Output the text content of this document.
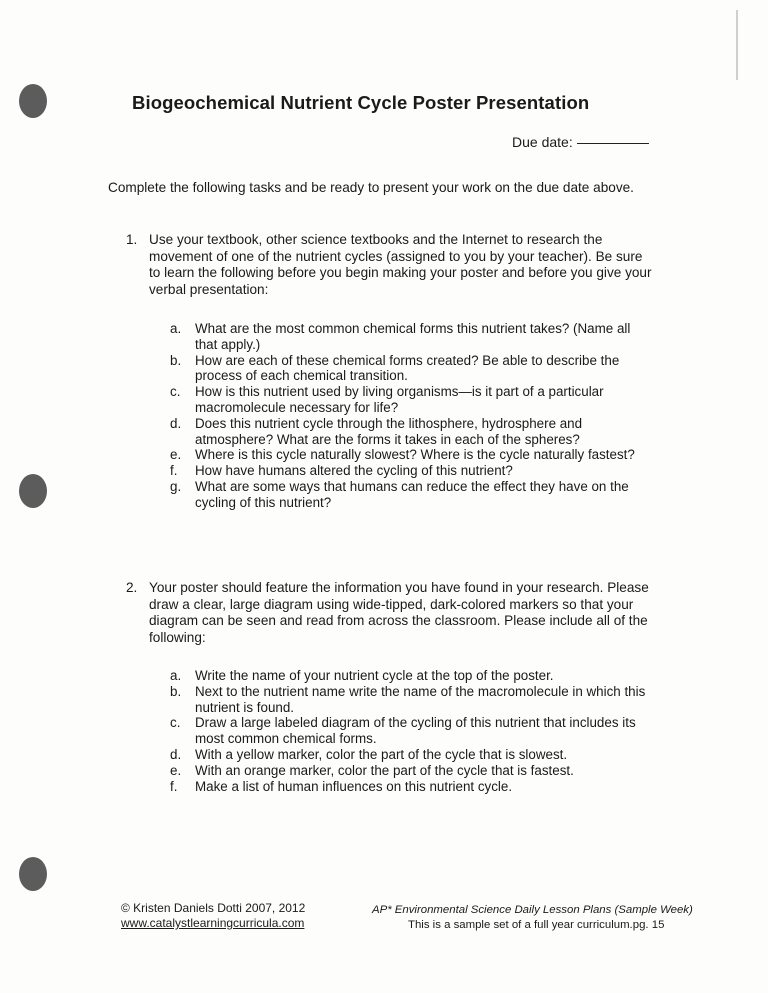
Biogeochemical Nutrient Cycle Poster Presentation
Due date:
Complete the following tasks and be ready to present your work on the due date above.
1. Use your textbook, other science textbooks and the Internet to research the movement of one of the nutrient cycles (assigned to you by your teacher). Be sure to learn the following before you begin making your poster and before you give your verbal presentation:
a. What are the most common chemical forms this nutrient takes? (Name all that apply.)
b. How are each of these chemical forms created? Be able to describe the process of each chemical transition.
c. How is this nutrient used by living organisms—is it part of a particular macromolecule necessary for life?
d. Does this nutrient cycle through the lithosphere, hydrosphere and atmosphere? What are the forms it takes in each of the spheres?
e. Where is this cycle naturally slowest? Where is the cycle naturally fastest?
f. How have humans altered the cycling of this nutrient?
g. What are some ways that humans can reduce the effect they have on the cycling of this nutrient?
2. Your poster should feature the information you have found in your research. Please draw a clear, large diagram using wide-tipped, dark-colored markers so that your diagram can be seen and read from across the classroom. Please include all of the following:
a. Write the name of your nutrient cycle at the top of the poster.
b. Next to the nutrient name write the name of the macromolecule in which this nutrient is found.
c. Draw a large labeled diagram of the cycling of this nutrient that includes its most common chemical forms.
d. With a yellow marker, color the part of the cycle that is slowest.
e. With an orange marker, color the part of the cycle that is fastest.
f. Make a list of human influences on this nutrient cycle.
© Kristen Daniels Dotti 2007, 2012
www.catalystlearningcurricula.com
AP* Environmental Science Daily Lesson Plans (Sample Week)
This is a sample set of a full year curriculum.pg. 15
